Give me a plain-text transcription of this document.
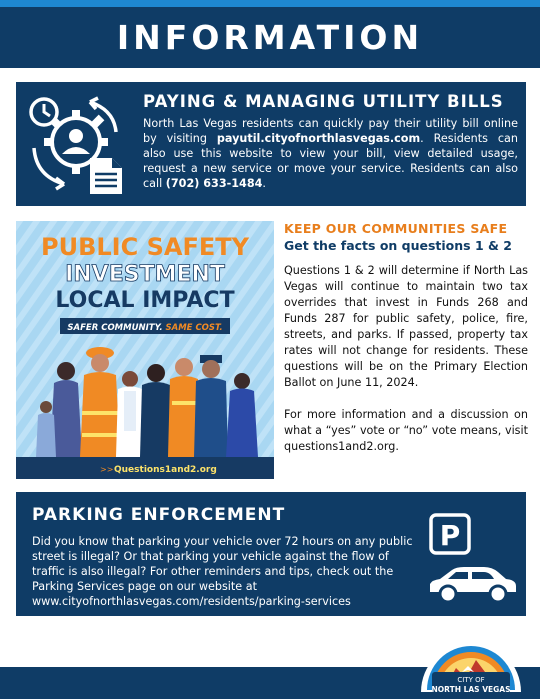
INFORMATION
PAYING & MANAGING UTILITY BILLS
North Las Vegas residents can quickly pay their utility bill online by visiting payutil.cityofnorthlasvegas.com. Residents can also use this website to view your bill, view detailed usage, request a new service or move your service. Residents can also call (702) 633-1484.
PUBLIC SAFETY
INVESTMENT
LOCAL IMPACT
SAFER COMMUNITY. SAME COST.
>> Questions1and2.org
KEEP OUR COMMUNITIES SAFE
Get the facts on questions 1 & 2
Questions 1 & 2 will determine if North Las Vegas will continue to maintain two tax overrides that invest in Funds 268 and Funds 287 for public safety, police, fire, streets, and parks. If passed, property tax rates will not change for residents. These questions will be on the Primary Election Ballot on June 11, 2024.
For more information and a discussion on what a “yes” vote or “no” vote means, visit questions1and2.org.
PARKING ENFORCEMENT
Did you know that parking your vehicle over 72 hours on any public street is illegal? Or that parking your vehicle against the flow of traffic is also illegal? For other reminders and tips, check out the Parking Services page on our website at www.cityofnorthlasvegas.com/residents/parking-services
P
CITY OF
NORTH LAS VEGAS
